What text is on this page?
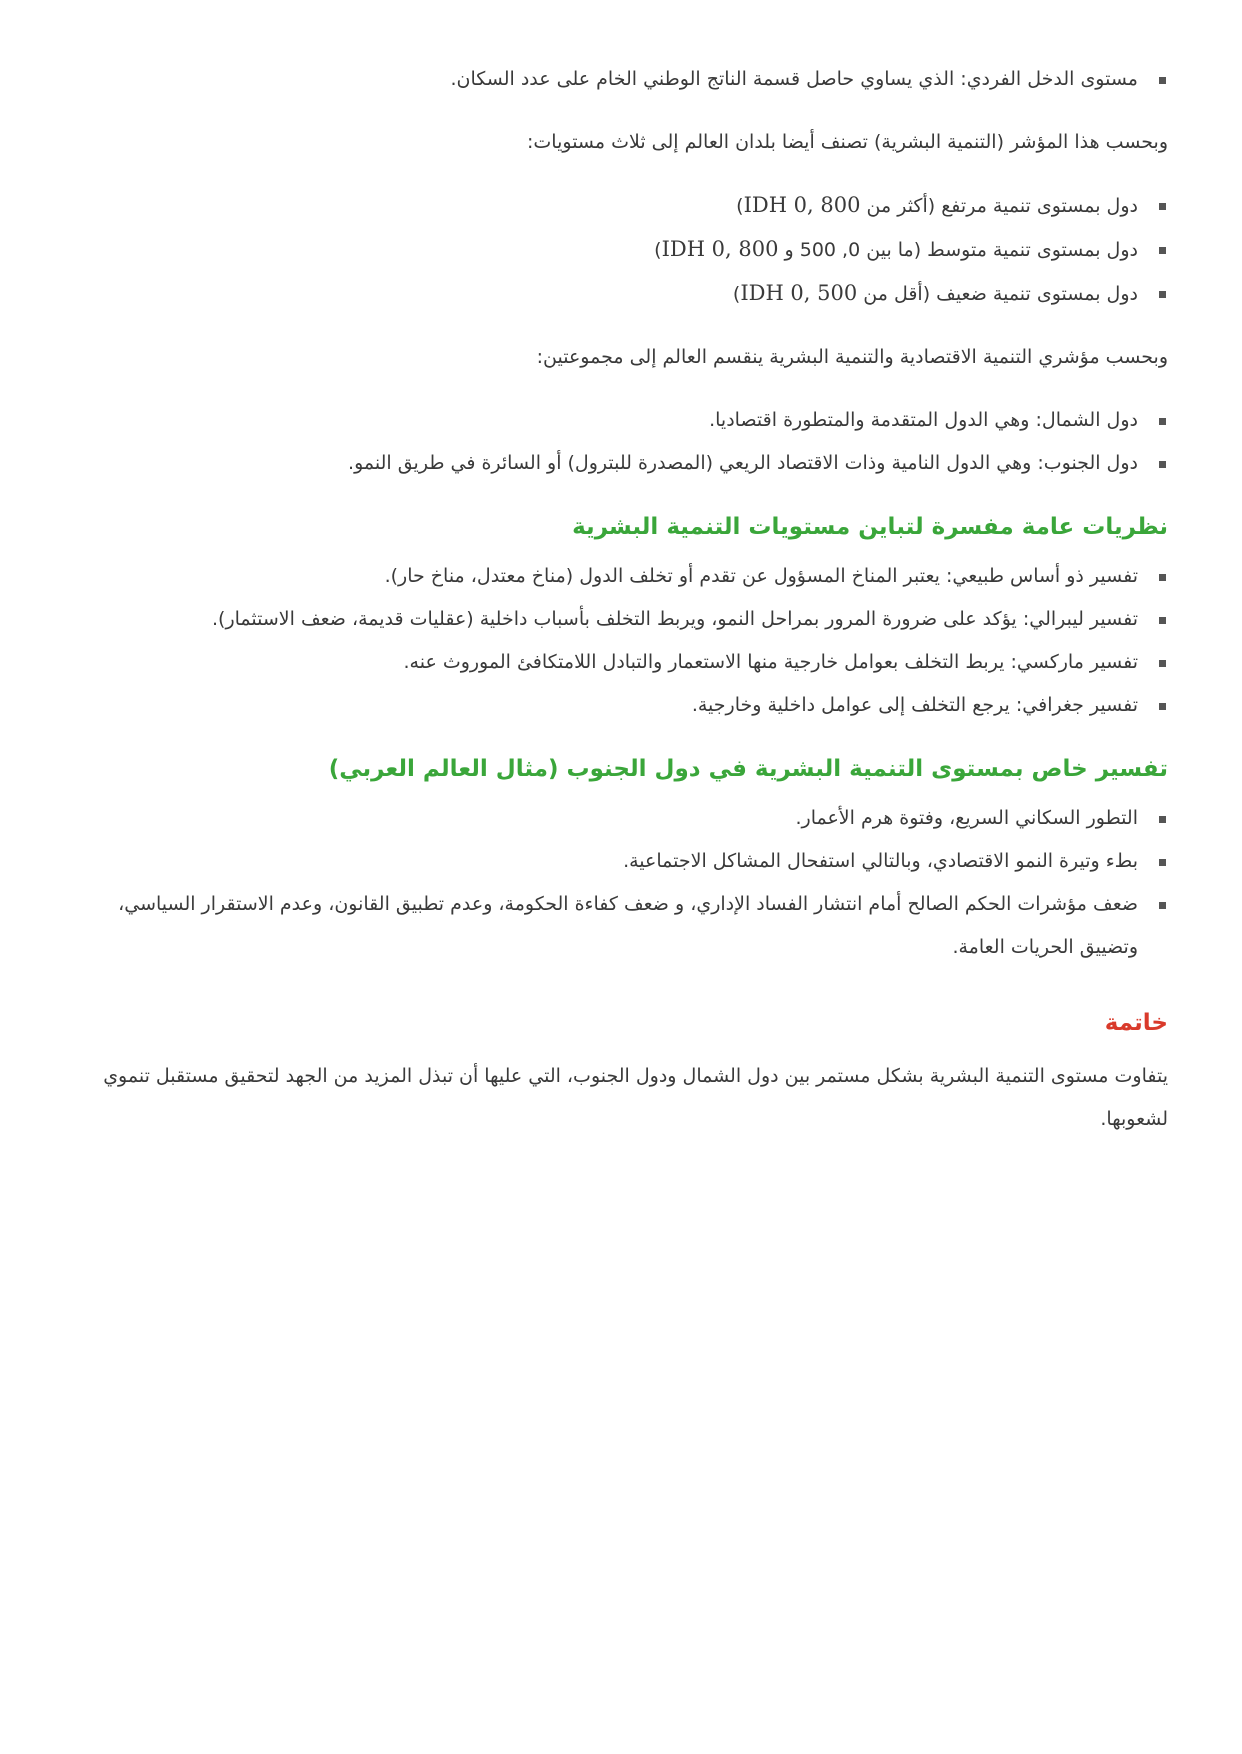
مستوى الدخل الفردي: الذي يساوي حاصل قسمة الناتج الوطني الخام على عدد السكان.

وبحسب هذا المؤشر (التنمية البشرية) تصنف أيضا بلدان العالم إلى ثلاث مستويات:

دول بمستوى تنمية مرتفع (أكثر من IDH 0, 800)
دول بمستوى تنمية متوسط (ما بين 0, 500 و IDH 0, 800)
دول بمستوى تنمية ضعيف (أقل من IDH 0, 500)

وبحسب مؤشري التنمية الاقتصادية والتنمية البشرية ينقسم العالم إلى مجموعتين:

دول الشمال: وهي الدول المتقدمة والمتطورة اقتصاديا.
دول الجنوب: وهي الدول النامية وذات الاقتصاد الريعي (المصدرة للبترول) أو السائرة في طريق النمو.
نظريات عامة مفسرة لتباين مستويات التنمية البشرية
تفسير ذو أساس طبيعي: يعتبر المناخ المسؤول عن تقدم أو تخلف الدول (مناخ معتدل، مناخ حار).
تفسير ليبرالي: يؤكد على ضرورة المرور بمراحل النمو، ويربط التخلف بأسباب داخلية (عقليات قديمة، ضعف الاستثمار).
تفسير ماركسي: يربط التخلف بعوامل خارجية منها الاستعمار والتبادل اللامتكافئ الموروث عنه.
تفسير جغرافي: يرجع التخلف إلى عوامل داخلية وخارجية.
تفسير خاص بمستوى التنمية البشرية في دول الجنوب (مثال العالم العربي)
التطور السكاني السريع، وفتوة هرم الأعمار.
بطء وتيرة النمو الاقتصادي، وبالتالي استفحال المشاكل الاجتماعية.
ضعف مؤشرات الحكم الصالح أمام انتشار الفساد الإداري، و ضعف كفاءة الحكومة، وعدم تطبيق القانون، وعدم الاستقرار السياسي، وتضييق الحريات العامة.
خاتمة

يتفاوت مستوى التنمية البشرية بشكل مستمر بين دول الشمال ودول الجنوب، التي عليها أن تبذل المزيد من الجهد لتحقيق مستقبل تنموي لشعوبها.
